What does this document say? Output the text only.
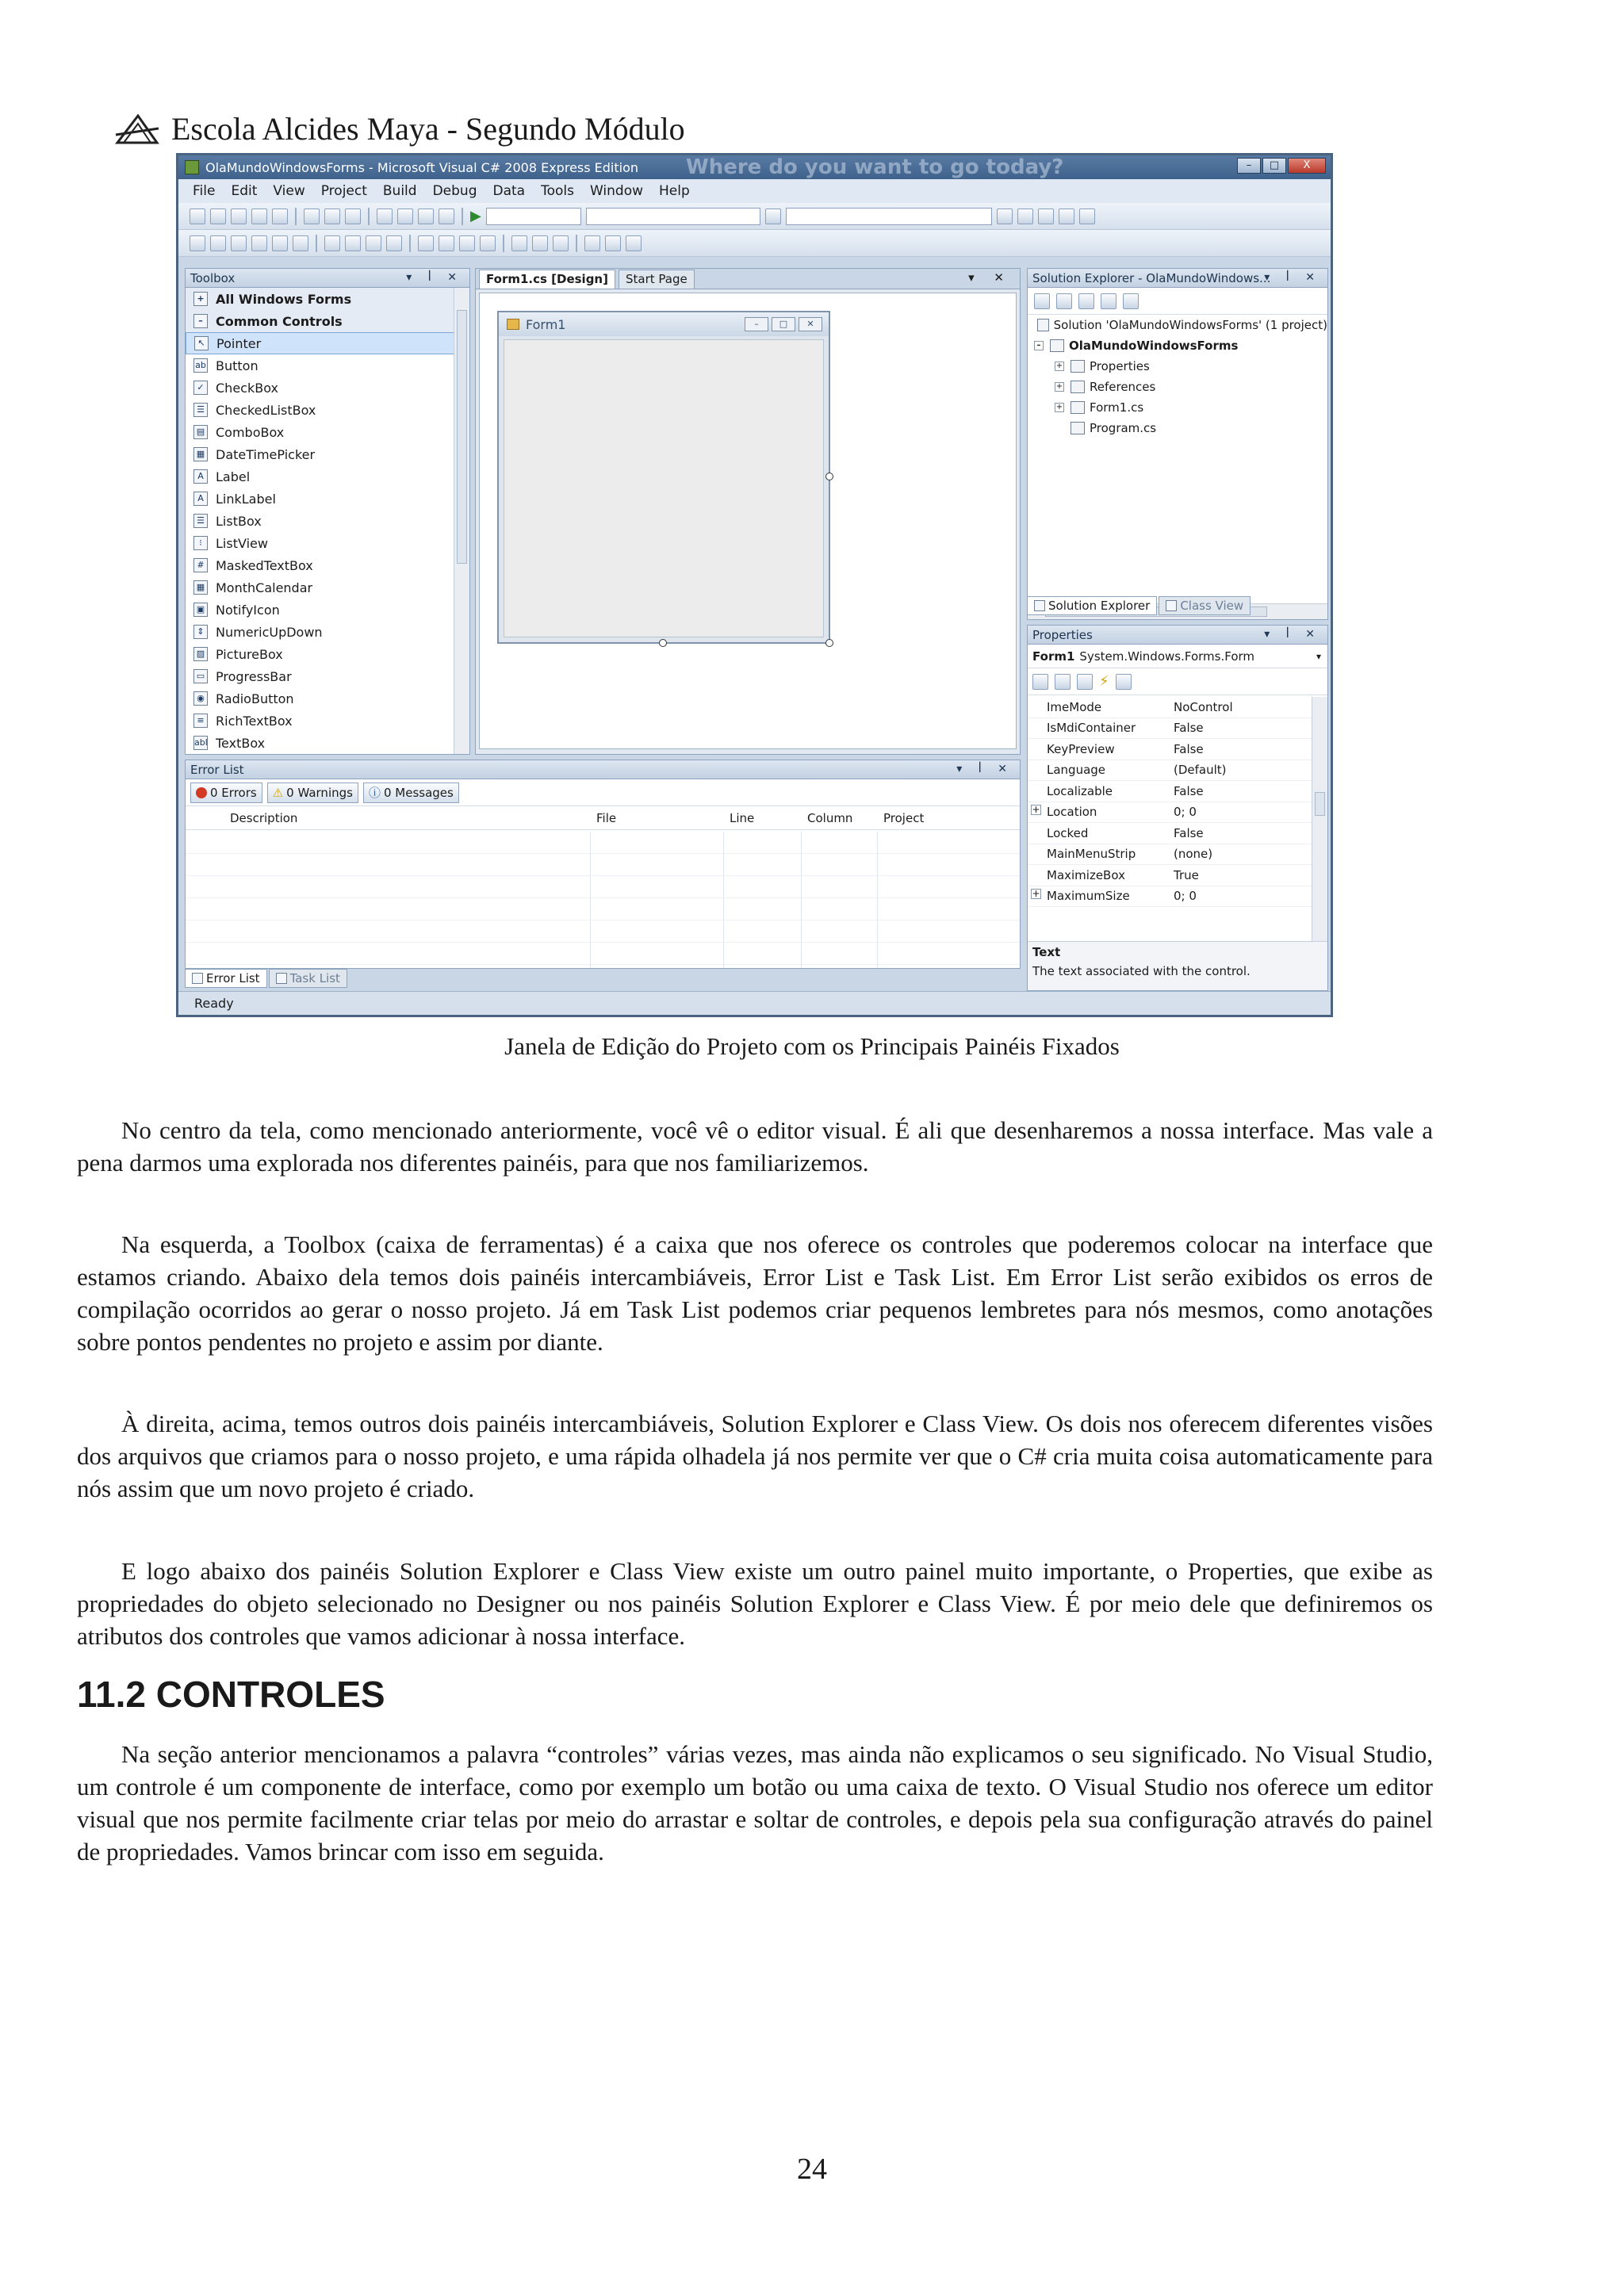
Escola Alcides Maya - Segundo Módulo
OlaMundoWindowsForms - Microsoft Visual C# 2008 Express Edition Where do you want to go today?	–	□	X
File Edit View Project Build Debug Data Tools Window Help
▶
Toolbox	▾ ꟾ ✕
+ All Windows Forms
–	Common Controls
↖ Pointer
ab Button
✓ CheckBox
☰ CheckedListBox
▤ ComboBox
▦ DateTimePicker
A Label
A LinkLabel
☰ ListBox
⁝	ListView
# MaskedTextBox
▦ MonthCalendar
▣ NotifyIcon
⇕ NumericUpDown
▨ PictureBox
▭ ProgressBar
◉ RadioButton
≡ RichTextBox
abl TextBox
Form1.cs [Design]	Start Page	▾ ✕
Form1	–	□	✕
Solution Explorer - OlaMundoWindows...
▾ ꟾ ✕
Solution 'OlaMundoWindowsForms' (1 project)
– OlaMundoWindowsForms
+ Properties
+ References
+ Form1.cs
Program.cs
Solution Explorer	Class View
Properties	▾ ꟾ ✕
Form1 System.Windows.Forms.Form	▾
⚡
ImeMode	NoControl
IsMdiContainer	False
KeyPreview	False
Language	(Default)
Localizable	False
+ Location	0; 0
Locked	False
MainMenuStrip	(none)
MaximizeBox	True
+ MaximumSize	0; 0
Text
The text associated with the control.
Error List	▾ ꟾ ✕
0 Errors ⚠ 0 Warnings ⓘ 0 Messages
Description	File	Line	Column	Project
Error List	Task List
Ready
Janela de Edição do Projeto com os Principais Painéis Fixados

No centro da tela, como mencionado anteriormente, você vê o editor visual. É ali que desenharemos a nossa interface. Mas vale a pena darmos uma explorada nos diferentes painéis, para que nos familiarizemos.

Na esquerda, a Toolbox (caixa de ferramentas) é a caixa que nos oferece os controles que poderemos colocar na interface que estamos criando. Abaixo dela temos dois painéis intercambiáveis, Error List e Task List. Em Error List serão exibidos os erros de compilação ocorridos ao gerar o nosso projeto. Já em Task List podemos criar pequenos lembretes para nós mesmos, como anotações sobre pontos pendentes no projeto e assim por diante.

À direita, acima, temos outros dois painéis intercambiáveis, Solution Explorer e Class View. Os dois nos oferecem diferentes visões dos arquivos que criamos para o nosso projeto, e uma rápida olhadela já nos permite ver que o C# cria muita coisa automaticamente para nós assim que um novo projeto é criado.

E logo abaixo dos painéis Solution Explorer e Class View existe um outro painel muito importante, o Properties, que exibe as propriedades do objeto selecionado no Designer ou nos painéis Solution Explorer e Class View. É por meio dele que definiremos os atributos dos controles que vamos adicionar à nossa interface.

11.2 CONTROLES

Na seção anterior mencionamos a palavra “controles” várias vezes, mas ainda não explicamos o seu significado. No Visual Studio, um controle é um componente de interface, como por exemplo um botão ou uma caixa de texto. O Visual Studio nos oferece um editor visual que nos permite facilmente criar telas por meio do arrastar e soltar de controles, e depois pela sua configuração através do painel de propriedades. Vamos brincar com isso em seguida.

24
